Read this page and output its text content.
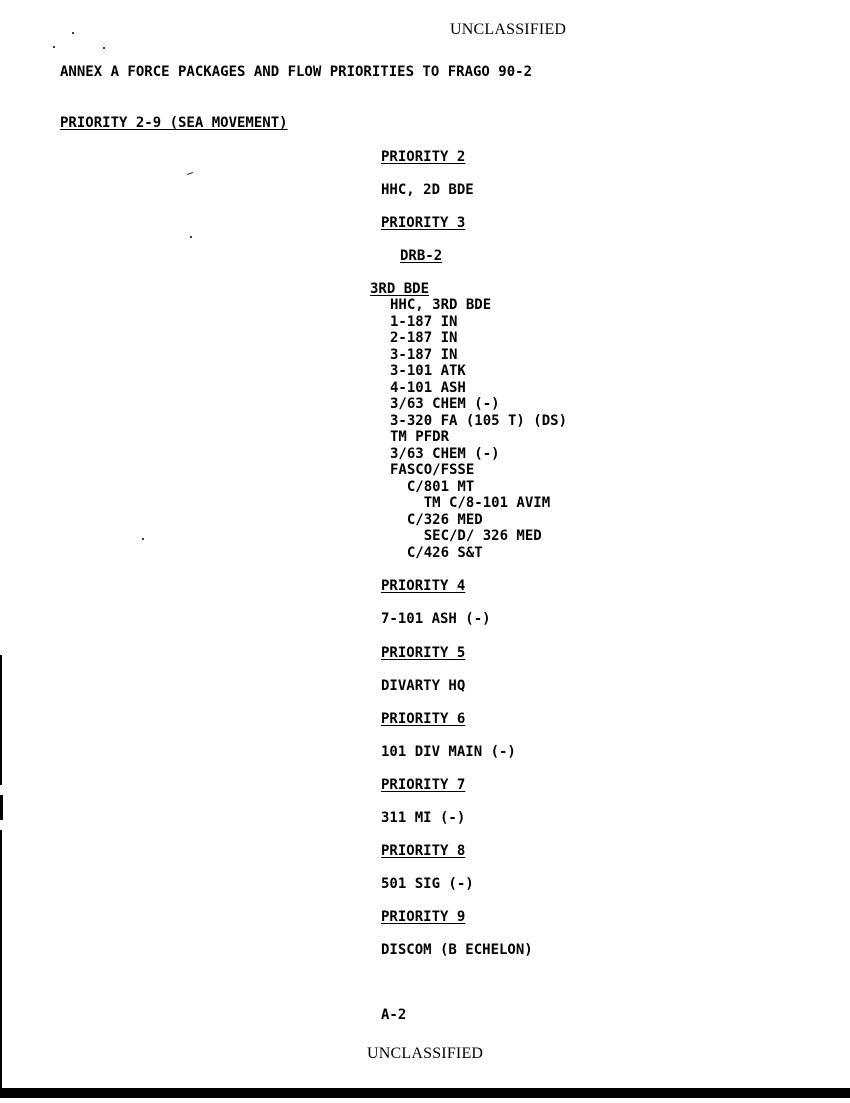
UNCLASSIFIED
ANNEX A FORCE PACKAGES AND FLOW PRIORITIES TO FRAGO 90-2
PRIORITY 2-9 (SEA MOVEMENT)
PRIORITY 2
HHC, 2D BDE
PRIORITY 3
DRB-2
3RD BDE
HHC, 3RD BDE
1-187 IN
2-187 IN
3-187 IN
3-101 ATK
4-101 ASH
3/63 CHEM (-)
3-320 FA (105 T) (DS)
TM PFDR
3/63 CHEM (-)
FASCO/FSSE
C/801 MT
TM C/8-101 AVIM
C/326 MED
SEC/D/ 326 MED
C/426 S&T
PRIORITY 4
7-101 ASH (-)
PRIORITY 5
DIVARTY HQ
PRIORITY 6
101 DIV MAIN (-)
PRIORITY 7
311 MI (-)
PRIORITY 8
501 SIG (-)
PRIORITY 9
DISCOM (B ECHELON)
A-2
UNCLASSIFIED
